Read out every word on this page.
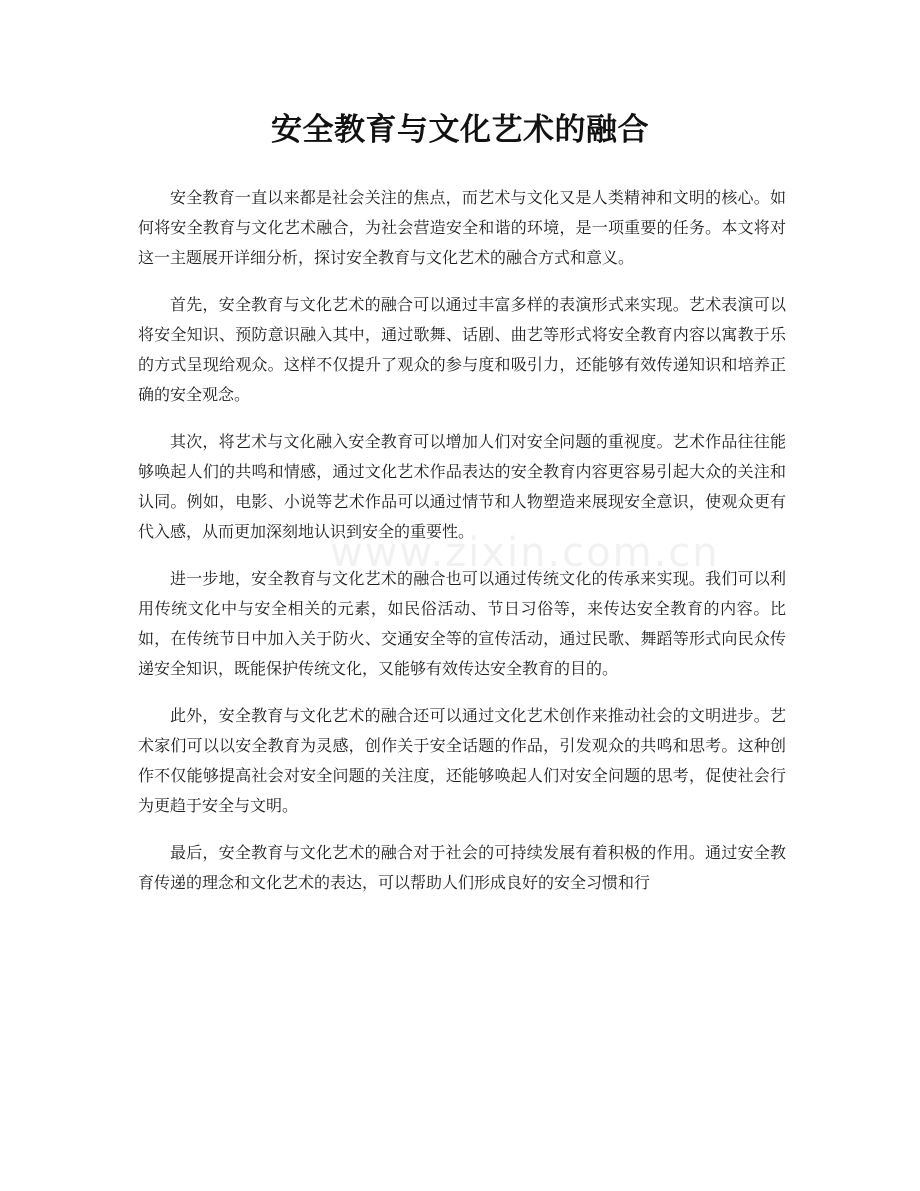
安全教育与文化艺术的融合
www.zixin.com.cn

安全教育一直以来都是社会关注的焦点，而艺术与文化又是人类精神和文明的核心。如何将安全教育与文化艺术融合，为社会营造安全和谐的环境，是一项重要的任务。本文将对这一主题展开详细分析，探讨安全教育与文化艺术的融合方式和意义。

首先，安全教育与文化艺术的融合可以通过丰富多样的表演形式来实现。艺术表演可以将安全知识、预防意识融入其中，通过歌舞、话剧、曲艺等形式将安全教育内容以寓教于乐的方式呈现给观众。这样不仅提升了观众的参与度和吸引力，还能够有效传递知识和培养正确的安全观念。

其次，将艺术与文化融入安全教育可以增加人们对安全问题的重视度。艺术作品往往能够唤起人们的共鸣和情感，通过文化艺术作品表达的安全教育内容更容易引起大众的关注和认同。例如，电影、小说等艺术作品可以通过情节和人物塑造来展现安全意识，使观众更有代入感，从而更加深刻地认识到安全的重要性。

进一步地，安全教育与文化艺术的融合也可以通过传统文化的传承来实现。我们可以利用传统文化中与安全相关的元素，如民俗活动、节日习俗等，来传达安全教育的内容。比如，在传统节日中加入关于防火、交通安全等的宣传活动，通过民歌、舞蹈等形式向民众传递安全知识，既能保护传统文化，又能够有效传达安全教育的目的。

此外，安全教育与文化艺术的融合还可以通过文化艺术创作来推动社会的文明进步。艺术家们可以以安全教育为灵感，创作关于安全话题的作品，引发观众的共鸣和思考。这种创作不仅能够提高社会对安全问题的关注度，还能够唤起人们对安全问题的思考，促使社会行为更趋于安全与文明。

最后，安全教育与文化艺术的融合对于社会的可持续发展有着积极的作用。通过安全教育传递的理念和文化艺术的表达，可以帮助人们形成良好的安全习惯和行
